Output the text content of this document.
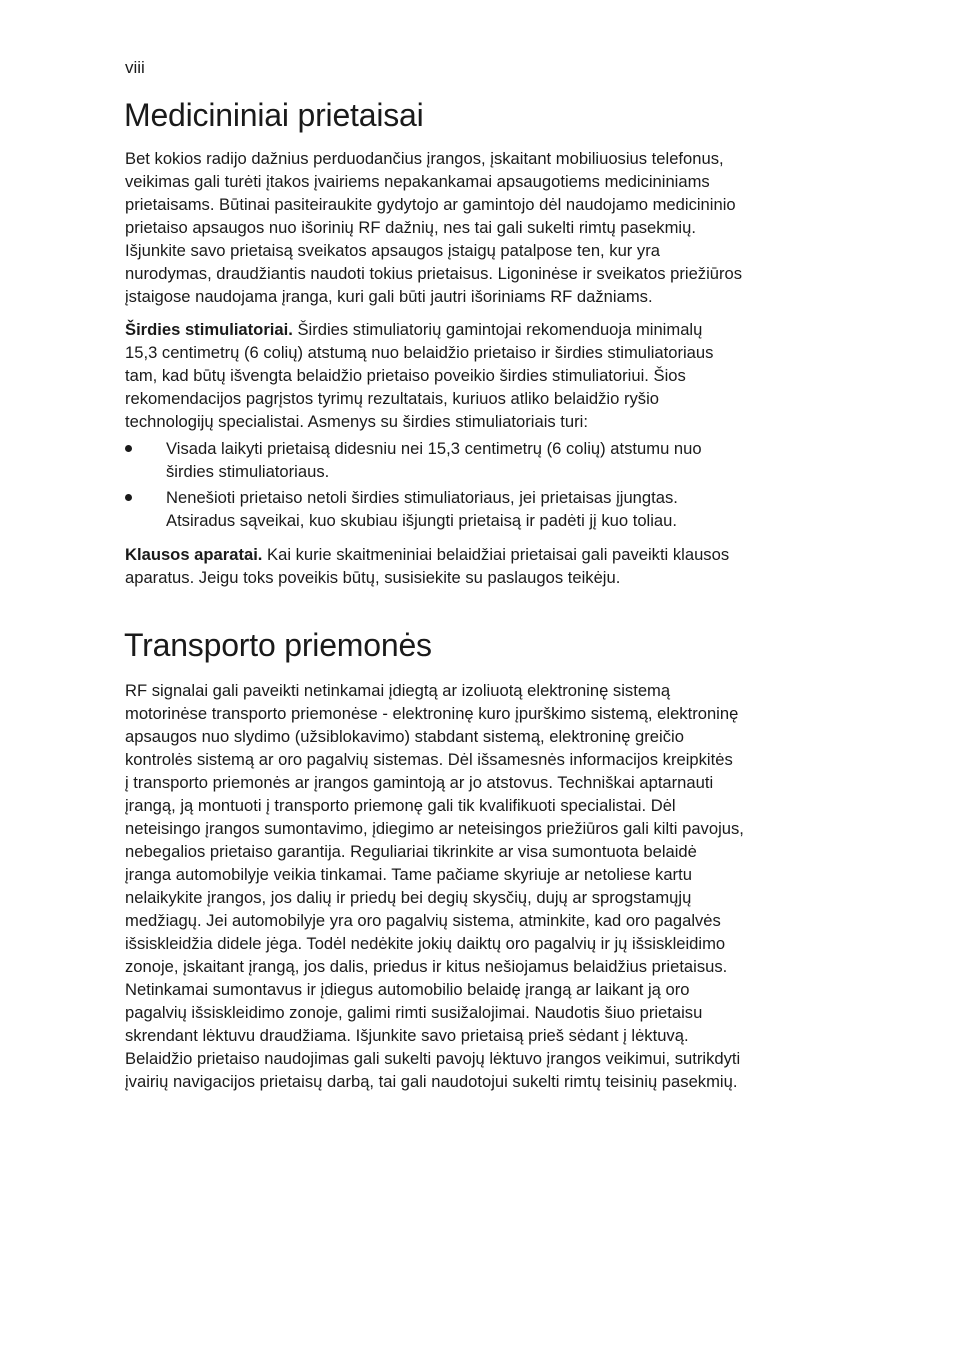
viii
Medicininiai prietaisai

Bet kokios radijo dažnius perduodančius įrangos, įskaitant mobiliuosius telefonus,

veikimas gali turėti įtakos įvairiems nepakankamai apsaugotiems medicininiams

prietaisams. Būtinai pasiteiraukite gydytojo ar gamintojo dėl naudojamo medicininio

prietaiso apsaugos nuo išorinių RF dažnių, nes tai gali sukelti rimtų pasekmių.

Išjunkite savo prietaisą sveikatos apsaugos įstaigų patalpose ten, kur yra

nurodymas, draudžiantis naudoti tokius prietaisus. Ligoninėse ir sveikatos priežiūros

įstaigose naudojama įranga, kuri gali būti jautri išoriniams RF dažniams.

Širdies stimuliatoriai. Širdies stimuliatorių gamintojai rekomenduoja minimalų

15,3 centimetrų (6 colių) atstumą nuo belaidžio prietaiso ir širdies stimuliatoriaus

tam, kad būtų išvengta belaidžio prietaiso poveikio širdies stimuliatoriui. Šios

rekomendacijos pagrįstos tyrimų rezultatais, kuriuos atliko belaidžio ryšio

technologijų specialistai. Asmenys su širdies stimuliatoriais turi:

Visada laikyti prietaisą didesniu nei 15,3 centimetrų (6 colių) atstumu nuo

širdies stimuliatoriaus.

Nenešioti prietaiso netoli širdies stimuliatoriaus, jei prietaisas įjungtas.

Atsiradus sąveikai, kuo skubiau išjungti prietaisą ir padėti jį kuo toliau.

Klausos aparatai. Kai kurie skaitmeniniai belaidžiai prietaisai gali paveikti klausos

aparatus. Jeigu toks poveikis būtų, susisiekite su paslaugos teikėju.

Transporto priemonės

RF signalai gali paveikti netinkamai įdiegtą ar izoliuotą elektroninę sistemą

motorinėse transporto priemonėse - elektroninę kuro įpurškimo sistemą, elektroninę

apsaugos nuo slydimo (užsiblokavimo) stabdant sistemą, elektroninę greičio

kontrolės sistemą ar oro pagalvių sistemas. Dėl išsamesnės informacijos kreipkitės

į transporto priemonės ar įrangos gamintoją ar jo atstovus. Techniškai aptarnauti

įrangą, ją montuoti į transporto priemonę gali tik kvalifikuoti specialistai. Dėl

neteisingo įrangos sumontavimo, įdiegimo ar neteisingos priežiūros gali kilti pavojus,

nebegalios prietaiso garantija. Reguliariai tikrinkite ar visa sumontuota belaidė

įranga automobilyje veikia tinkamai. Tame pačiame skyriuje ar netoliese kartu

nelaikykite įrangos, jos dalių ir priedų bei degių skysčių, dujų ar sprogstamųjų

medžiagų. Jei automobilyje yra oro pagalvių sistema, atminkite, kad oro pagalvės

išsiskleidžia didele jėga. Todėl nedėkite jokių daiktų oro pagalvių ir jų išsiskleidimo

zonoje, įskaitant įrangą, jos dalis, priedus ir kitus nešiojamus belaidžius prietaisus.

Netinkamai sumontavus ir įdiegus automobilio belaidę įrangą ar laikant ją oro

pagalvių išsiskleidimo zonoje, galimi rimti susižalojimai. Naudotis šiuo prietaisu

skrendant lėktuvu draudžiama. Išjunkite savo prietaisą prieš sėdant į lėktuvą.

Belaidžio prietaiso naudojimas gali sukelti pavojų lėktuvo įrangos veikimui, sutrikdyti

įvairių navigacijos prietaisų darbą, tai gali naudotojui sukelti rimtų teisinių pasekmių.
